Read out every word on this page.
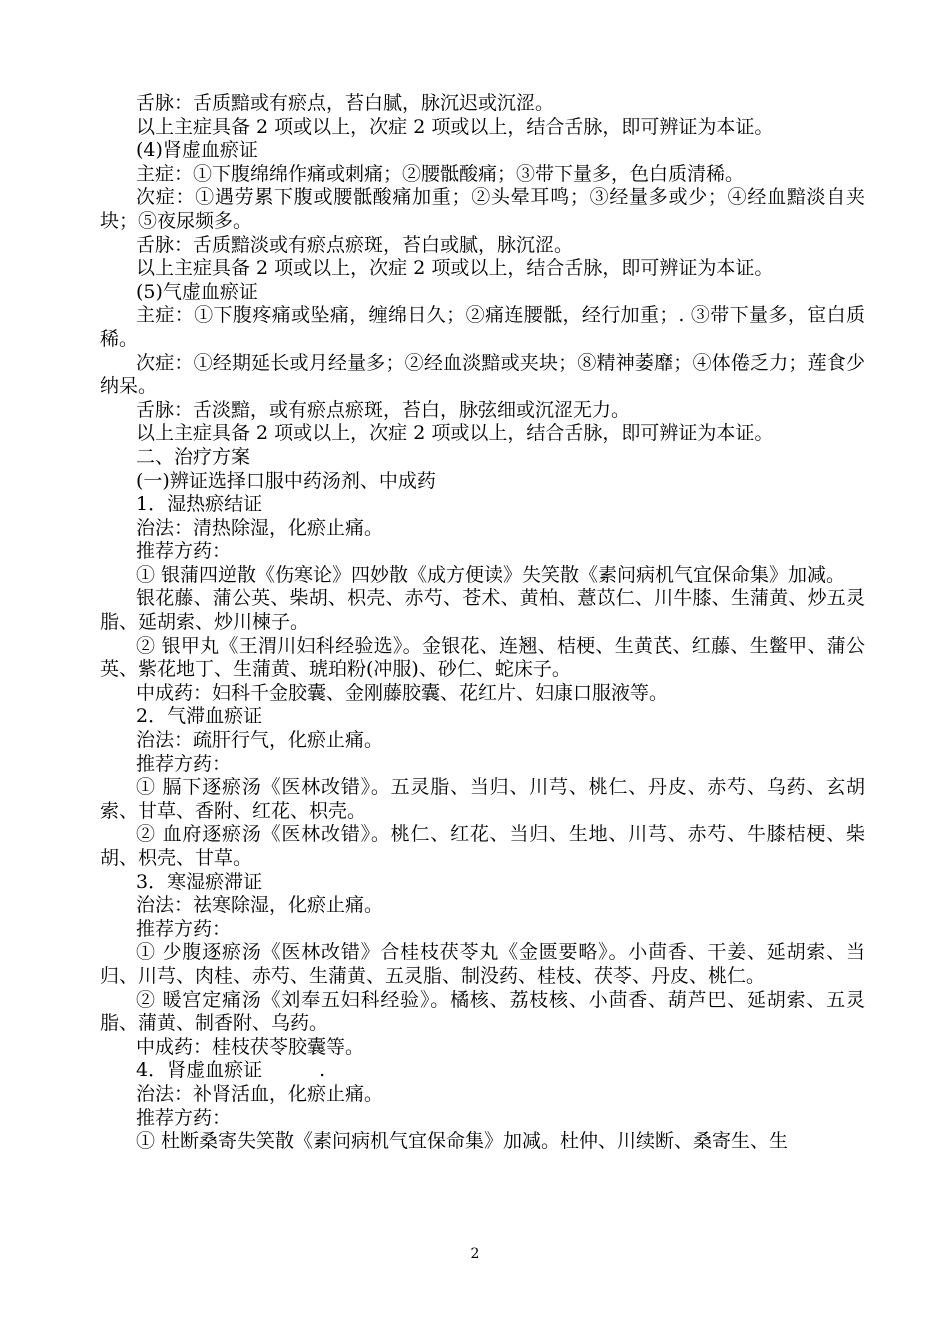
舌脉：舌质黯或有瘀点，苔白腻，脉沉迟或沉涩。

以上主症具备 2 项或以上，次症 2 项或以上，结合舌脉，即可辨证为本证。

(4)肾虚血瘀证

主症：①下腹绵绵作痛或刺痛；②腰骶酸痛；③带下量多，色白质清稀。

次症：①遇劳累下腹或腰骶酸痛加重；②头晕耳鸣；③经量多或少；④经血黯淡自夹块；⑤夜尿频多。

舌脉：舌质黯淡或有瘀点瘀斑，苔白或腻，脉沉涩。

以上主症具备 2 项或以上，次症 2 项或以上，结合舌脉，即可辨证为本证。

(5)气虚血瘀证

主症：①下腹疼痛或坠痛，缠绵日久；②痛连腰骶，经行加重；. ③带下量多，宦白质稀。

次症：①经期延长或月经量多；②经血淡黯或夹块；⑧精神萎靡；④体倦乏力；莲食少纳呆。

舌脉：舌淡黯，或有瘀点瘀斑，苔白，脉弦细或沉涩无力。

以上主症具备 2 项或以上，次症 2 项或以上，结合舌脉，即可辨证为本证。

二、治疗方案

(一)辨证选择口服中药汤剂、中成药

1．湿热瘀结证

治法：清热除湿，化瘀止痛。

推荐方药：

① 银蒲四逆散《伤寒论》四妙散《成方便读》失笑散《素问病机气宜保命集》加减。

银花藤、蒲公英、柴胡、枳壳、赤芍、苍术、黄柏、薏苡仁、川牛膝、生蒲黄、炒五灵脂、延胡索、炒川楝子。

② 银甲丸《王渭川妇科经验选》。金银花、连翘、桔梗、生黄芪、红藤、生鳖甲、蒲公英、紫花地丁、生蒲黄、琥珀粉(冲服)、砂仁、蛇床子。

中成药：妇科千金胶囊、金刚藤胶囊、花红片、妇康口服液等。

2．气滞血瘀证

治法：疏肝行气，化瘀止痛。

推荐方药：

① 膈下逐瘀汤《医林改错》。五灵脂、当归、川芎、桃仁、丹皮、赤芍、乌药、玄胡索、甘草、香附、红花、枳壳。

② 血府逐瘀汤《医林改错》。桃仁、红花、当归、生地、川芎、赤芍、牛膝桔梗、柴胡、枳壳、甘草。

3．寒湿瘀滞证

治法：祛寒除湿，化瘀止痛。

推荐方药：

① 少腹逐瘀汤《医林改错》合桂枝茯苓丸《金匮要略》。小茴香、干姜、延胡索、当归、川芎、肉桂、赤芍、生蒲黄、五灵脂、制没药、桂枝、茯苓、丹皮、桃仁。

② 暖宫定痛汤《刘奉五妇科经验》。橘核、荔枝核、小茴香、葫芦巴、延胡索、五灵脂、蒲黄、制香附、乌药。

中成药：桂枝茯苓胶囊等。

4．肾虚血瘀证　　　.

治法：补肾活血，化瘀止痛。

推荐方药：

① 杜断桑寄失笑散《素问病机气宜保命集》加减。杜仲、川续断、桑寄生、生

2
